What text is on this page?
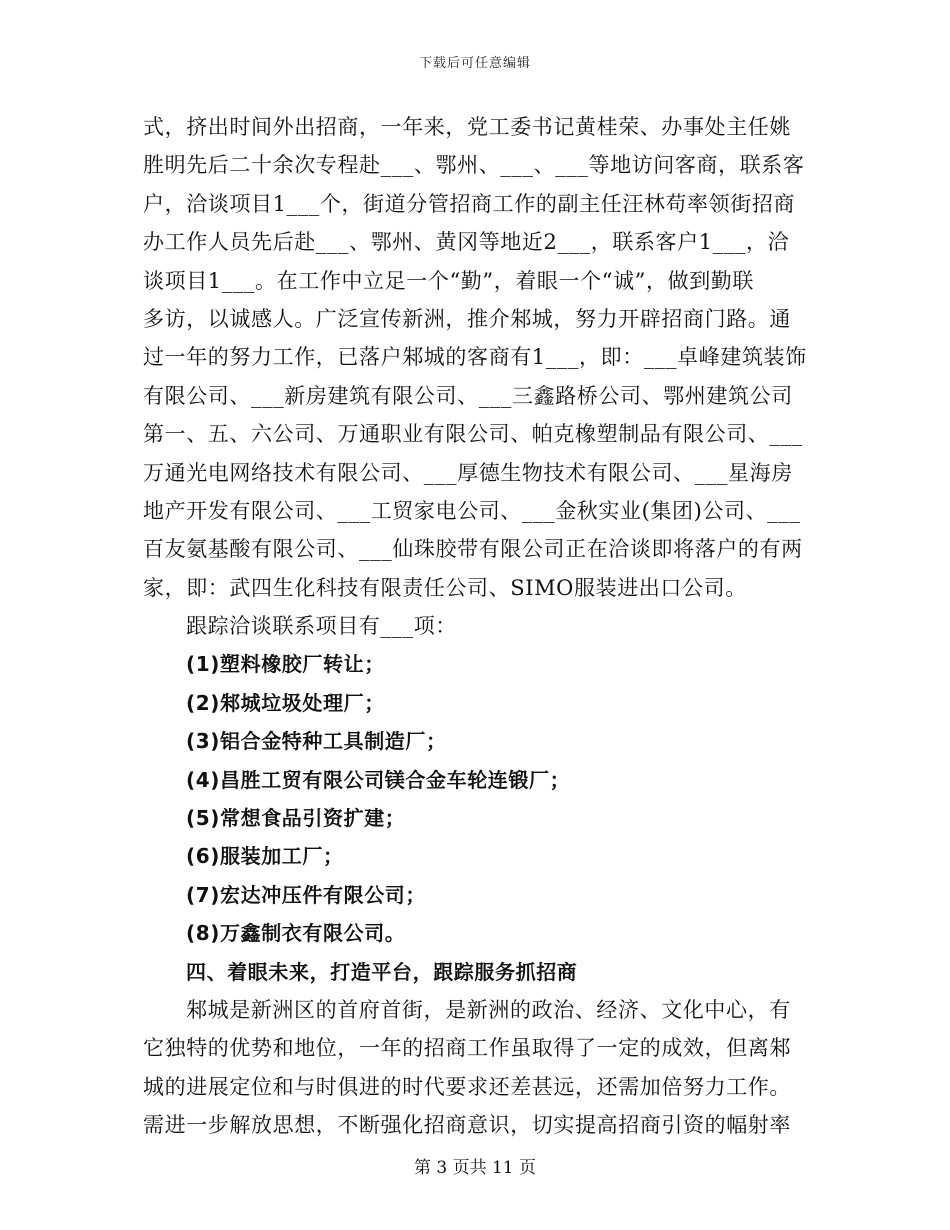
下载后可任意编辑
式，挤出时间外出招商，一年来，党工委书记黄桂荣、办事处主任姚
胜明先后二十余次专程赴___、鄂州、___、___等地访问客商，联系客
户，洽谈项目1___个，街道分管招商工作的副主任汪林苟率领街招商
办工作人员先后赴___、鄂州、黄冈等地近2___，联系客户1___，洽
谈项目1___。在工作中立足一个“勤”，着眼一个“诚”，做到勤联
多访，以诚感人。广泛宣传新洲，推介邾城，努力开辟招商门路。通
过一年的努力工作，已落户邾城的客商有1___，即：___卓峰建筑装饰
有限公司、___新房建筑有限公司、___三鑫路桥公司、鄂州建筑公司
第一、五、六公司、万通职业有限公司、帕克橡塑制品有限公司、___
万通光电网络技术有限公司、___厚德生物技术有限公司、___星海房
地产开发有限公司、___工贸家电公司、___金秋实业(集团)公司、___
百友氨基酸有限公司、___仙珠胶带有限公司正在洽谈即将落户的有两
家，即：武四生化科技有限责任公司、SIMO服装进出口公司。
跟踪洽谈联系项目有___项：
(1)塑料橡胶厂转让；
(2)邾城垃圾处理厂；
(3)铝合金特种工具制造厂；
(4)昌胜工贸有限公司镁合金车轮连锻厂；
(5)常想食品引资扩建；
(6)服装加工厂；
(7)宏达冲压件有限公司；
(8)万鑫制衣有限公司。
四、着眼未来，打造平台，跟踪服务抓招商
邾城是新洲区的首府首街，是新洲的政治、经济、文化中心，有
它独特的优势和地位，一年的招商工作虽取得了一定的成效，但离邾
城的进展定位和与时俱进的时代要求还差甚远，还需加倍努力工作。
需进一步解放思想，不断强化招商意识，切实提高招商引资的幅射率
第 3 页共 11 页
